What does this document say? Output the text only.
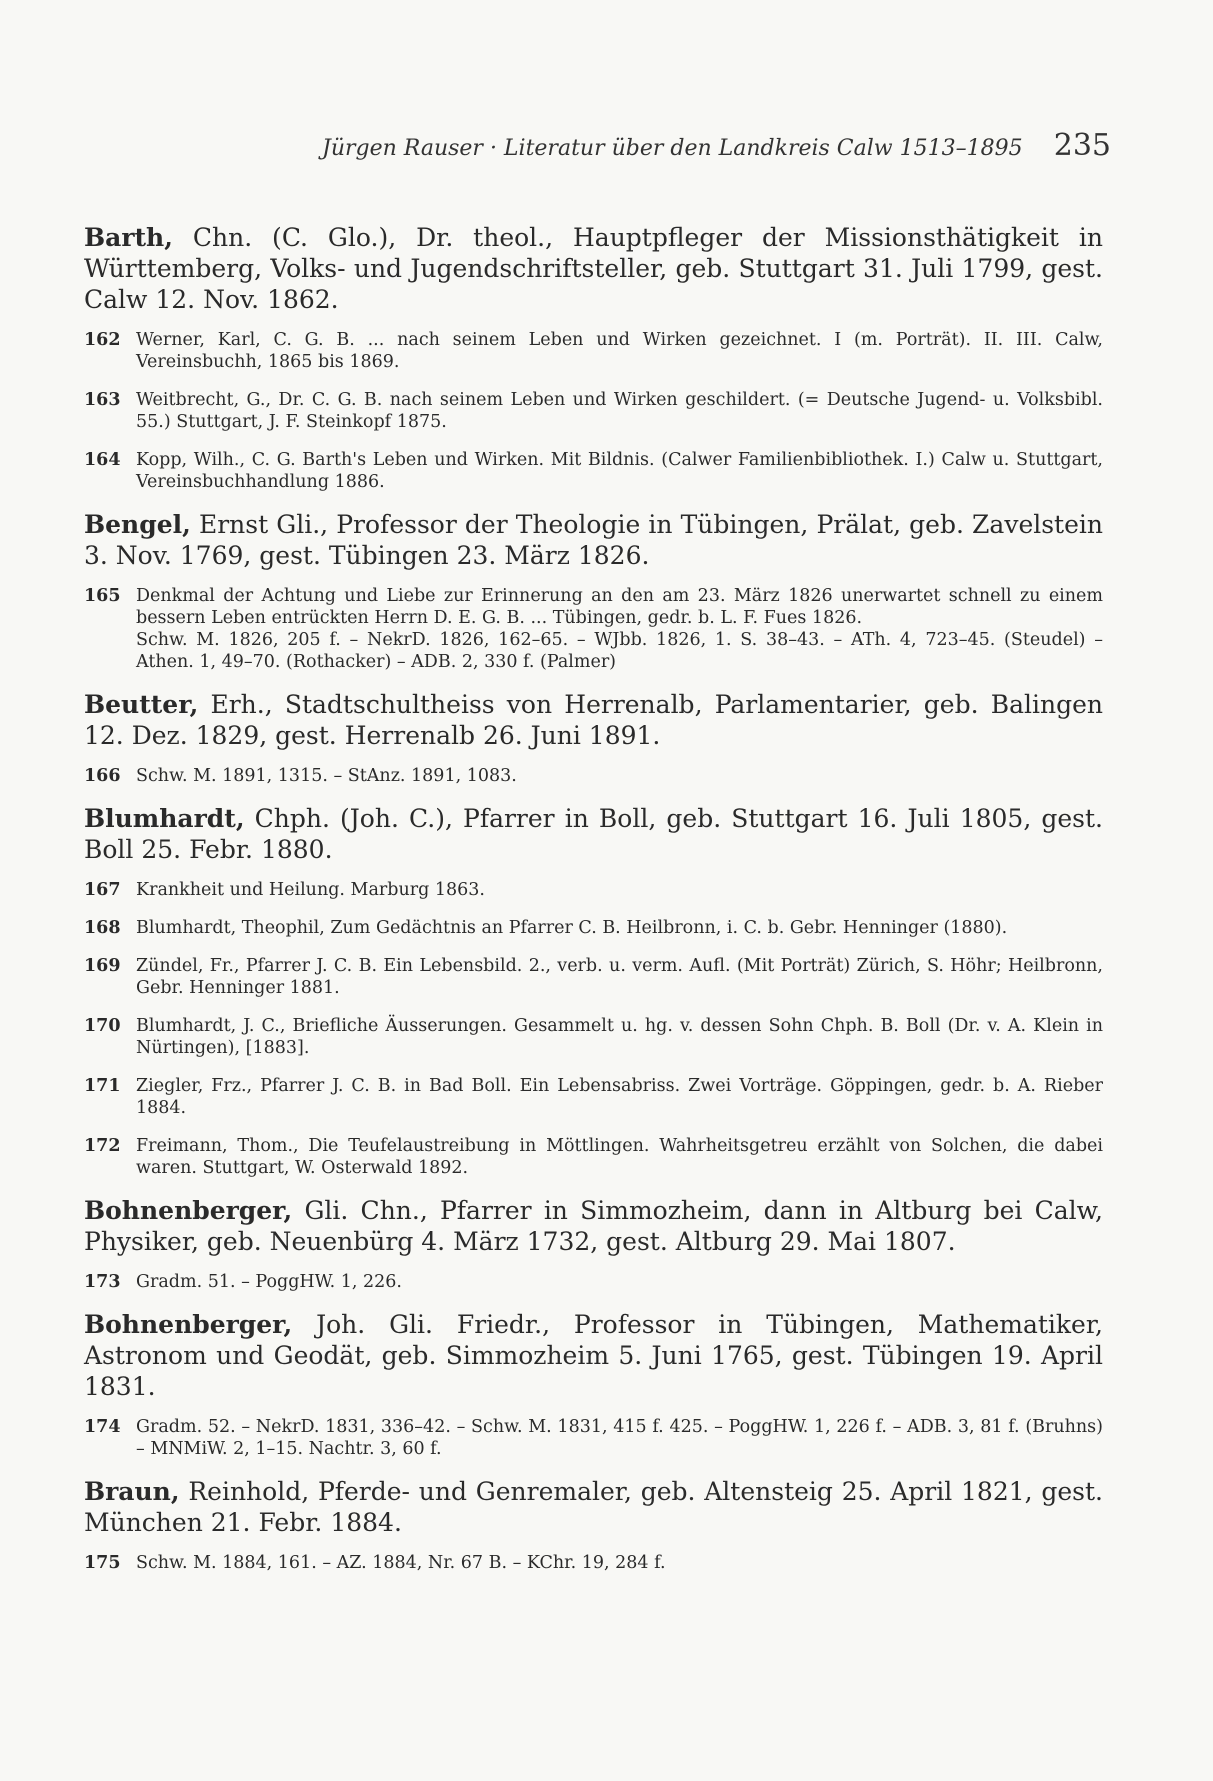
Jürgen Rauser · Literatur über den Landkreis Calw 1513–1895 235

Barth, Chn. (C. Glo.), Dr. theol., Hauptpfleger der Missionsthätigkeit in Württemberg, Volks- und Jugendschriftsteller, geb. Stuttgart 31. Juli 1799, gest. Calw 12. Nov. 1862.

162 Werner, Karl, C. G. B. ... nach seinem Leben und Wirken gezeichnet. I (m. Porträt). II. III. Calw, Vereinsbuchh, 1865 bis 1869.
163 Weitbrecht, G., Dr. C. G. B. nach seinem Leben und Wirken geschildert. (= Deutsche Jugend- u. Volksbibl. 55.) Stuttgart, J. F. Steinkopf 1875.
164 Kopp, Wilh., C. G. Barth's Leben und Wirken. Mit Bildnis. (Calwer Familienbibliothek. I.) Calw u. Stuttgart, Vereinsbuchhandlung 1886.

Bengel, Ernst Gli., Professor der Theologie in Tübingen, Prälat, geb. Zavelstein 3. Nov. 1769, gest. Tübingen 23. März 1826.

165 Denkmal der Achtung und Liebe zur Erinnerung an den am 23. März 1826 unerwartet schnell zu einem bessern Leben entrückten Herrn D. E. G. B. ... Tübingen, gedr. b. L. F. Fues 1826.
Schw. M. 1826, 205 f. – NekrD. 1826, 162–65. – WJbb. 1826, 1. S. 38–43. – ATh. 4, 723–45. (Steudel) – Athen. 1, 49–70. (Rothacker) – ADB. 2, 330 f. (Palmer)

Beutter, Erh., Stadtschultheiss von Herrenalb, Parlamentarier, geb. Balingen 12. Dez. 1829, gest. Herrenalb 26. Juni 1891.

166 Schw. M. 1891, 1315. – StAnz. 1891, 1083.

Blumhardt, Chph. (Joh. C.), Pfarrer in Boll, geb. Stuttgart 16. Juli 1805, gest. Boll 25. Febr. 1880.

167 Krankheit und Heilung. Marburg 1863.
168 Blumhardt, Theophil, Zum Gedächtnis an Pfarrer C. B. Heilbronn, i. C. b. Gebr. Henninger (1880).
169 Zündel, Fr., Pfarrer J. C. B. Ein Lebensbild. 2., verb. u. verm. Aufl. (Mit Porträt) Zürich, S. Höhr; Heilbronn, Gebr. Henninger 1881.
170 Blumhardt, J. C., Briefliche Äusserungen. Gesammelt u. hg. v. dessen Sohn Chph. B. Boll (Dr. v. A. Klein in Nürtingen), [1883].
171 Ziegler, Frz., Pfarrer J. C. B. in Bad Boll. Ein Lebensabriss. Zwei Vorträge. Göppingen, gedr. b. A. Rieber 1884.
172 Freimann, Thom., Die Teufelaustreibung in Möttlingen. Wahrheitsgetreu erzählt von Solchen, die dabei waren. Stuttgart, W. Osterwald 1892.

Bohnenberger, Gli. Chn., Pfarrer in Simmozheim, dann in Altburg bei Calw, Physiker, geb. Neuenbürg 4. März 1732, gest. Altburg 29. Mai 1807.

173 Gradm. 51. – PoggHW. 1, 226.

Bohnenberger, Joh. Gli. Friedr., Professor in Tübingen, Mathematiker, Astronom und Geodät, geb. Simmozheim 5. Juni 1765, gest. Tübingen 19. April 1831.

174 Gradm. 52. – NekrD. 1831, 336–42. – Schw. M. 1831, 415 f. 425. – PoggHW. 1, 226 f. – ADB. 3, 81 f. (Bruhns) – MNMiW. 2, 1–15. Nachtr. 3, 60 f.

Braun, Reinhold, Pferde- und Genremaler, geb. Altensteig 25. April 1821, gest. München 21. Febr. 1884.

175 Schw. M. 1884, 161. – AZ. 1884, Nr. 67 B. – KChr. 19, 284 f.
